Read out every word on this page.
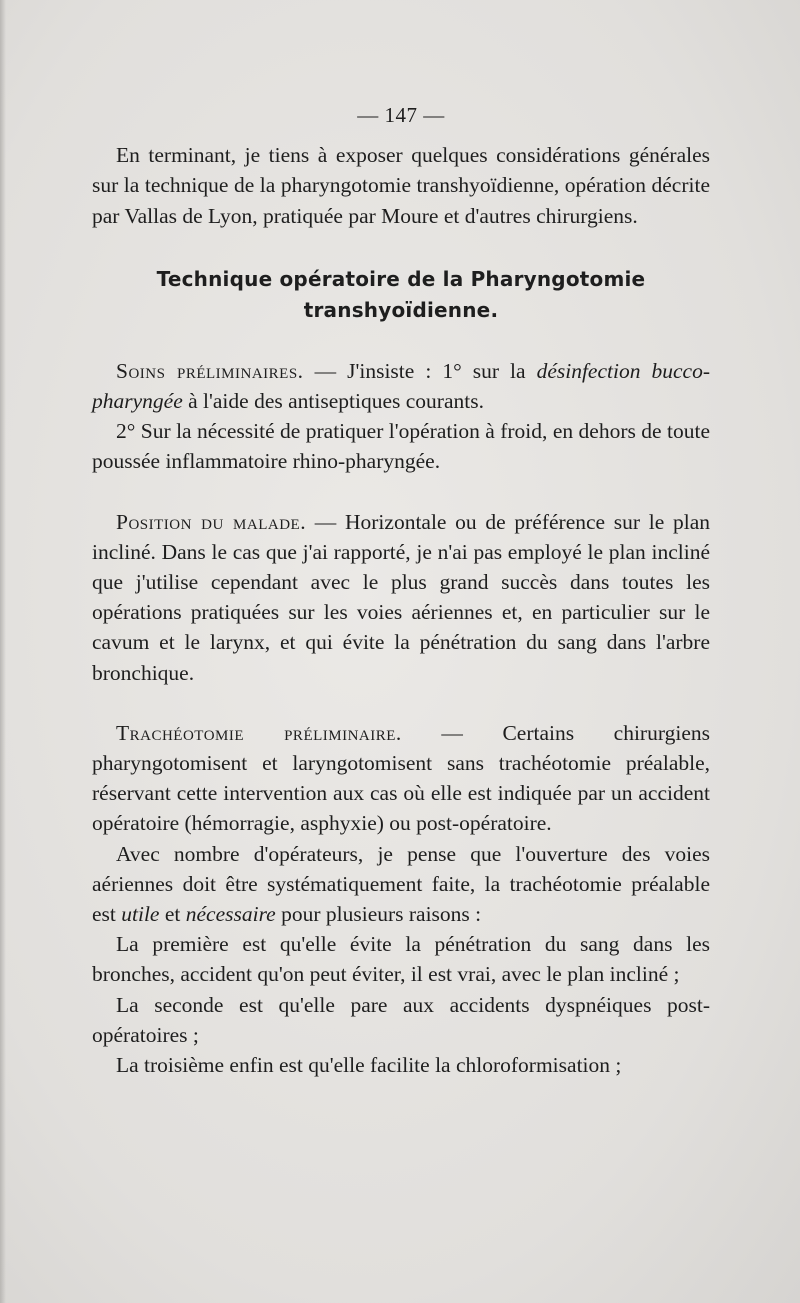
— 147 —

En terminant, je tiens à exposer quelques considérations générales sur la technique de la pharyngotomie transhyoïdienne, opération décrite par Vallas de Lyon, pratiquée par Moure et d'autres chirurgiens.

Technique opératoire de la Pharyngotomie
transhyoïdienne.

Soins préliminaires. — J'insiste : 1° sur la désinfection bucco-pharyngée à l'aide des antiseptiques courants.

2° Sur la nécessité de pratiquer l'opération à froid, en dehors de toute poussée inflammatoire rhino-pharyngée.

Position du malade. — Horizontale ou de préférence sur le plan incliné. Dans le cas que j'ai rapporté, je n'ai pas employé le plan incliné que j'utilise cependant avec le plus grand succès dans toutes les opérations pratiquées sur les voies aériennes et, en particulier sur le cavum et le larynx, et qui évite la pénétration du sang dans l'arbre bronchique.

Trachéotomie préliminaire. — Certains chirurgiens pharyngotomisent et laryngotomisent sans trachéotomie préalable, réservant cette intervention aux cas où elle est indiquée par un accident opératoire (hémorragie, asphyxie) ou post-opératoire.

Avec nombre d'opérateurs, je pense que l'ouverture des voies aériennes doit être systématiquement faite, la trachéotomie préalable est utile et nécessaire pour plusieurs raisons :

La première est qu'elle évite la pénétration du sang dans les bronches, accident qu'on peut éviter, il est vrai, avec le plan incliné ;

La seconde est qu'elle pare aux accidents dyspnéiques post-opératoires ;

La troisième enfin est qu'elle facilite la chloroformisation ;
